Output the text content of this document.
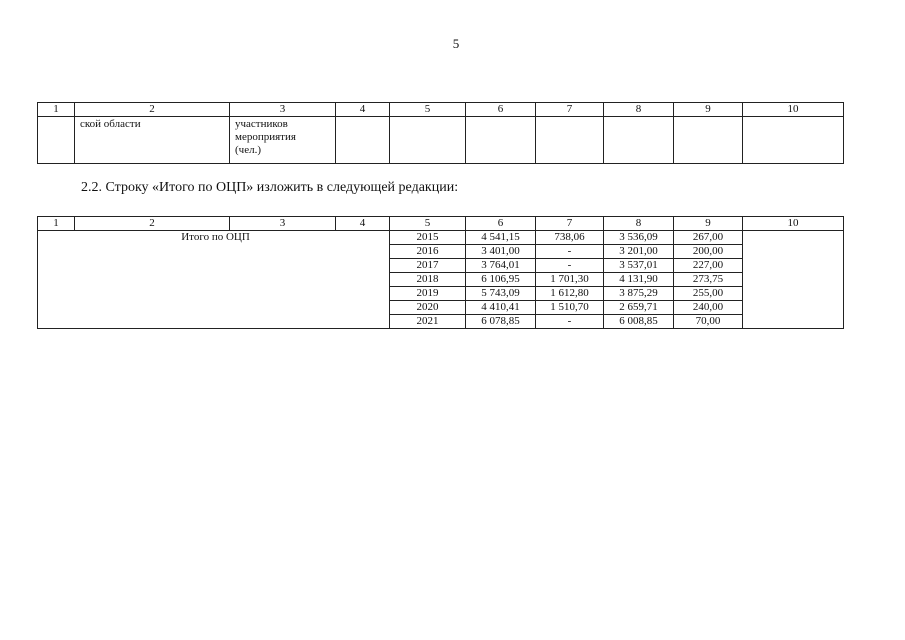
5
1	2	3	4	5	6	7	8	9	10

	ской области	участников
мероприятия
(чел.)							

2.2. Строку «Итого по ОЦП» изложить в следующей редакции:
1	2	3	4	5	6	7	8	9	10
Итого по ОЦП				2015	4 541,15	738,06	3 536,09	267,00	
				2016	3 401,00	-	3 201,00	200,00	
				2017	3 764,01	-	3 537,01	227,00	
				2018	6 106,95	1 701,30	4 131,90	273,75	
				2019	5 743,09	1 612,80	3 875,29	255,00	
				2020	4 410,41	1 510,70	2 659,71	240,00	
				2021	6 078,85	-	6 008,85	70,00	
